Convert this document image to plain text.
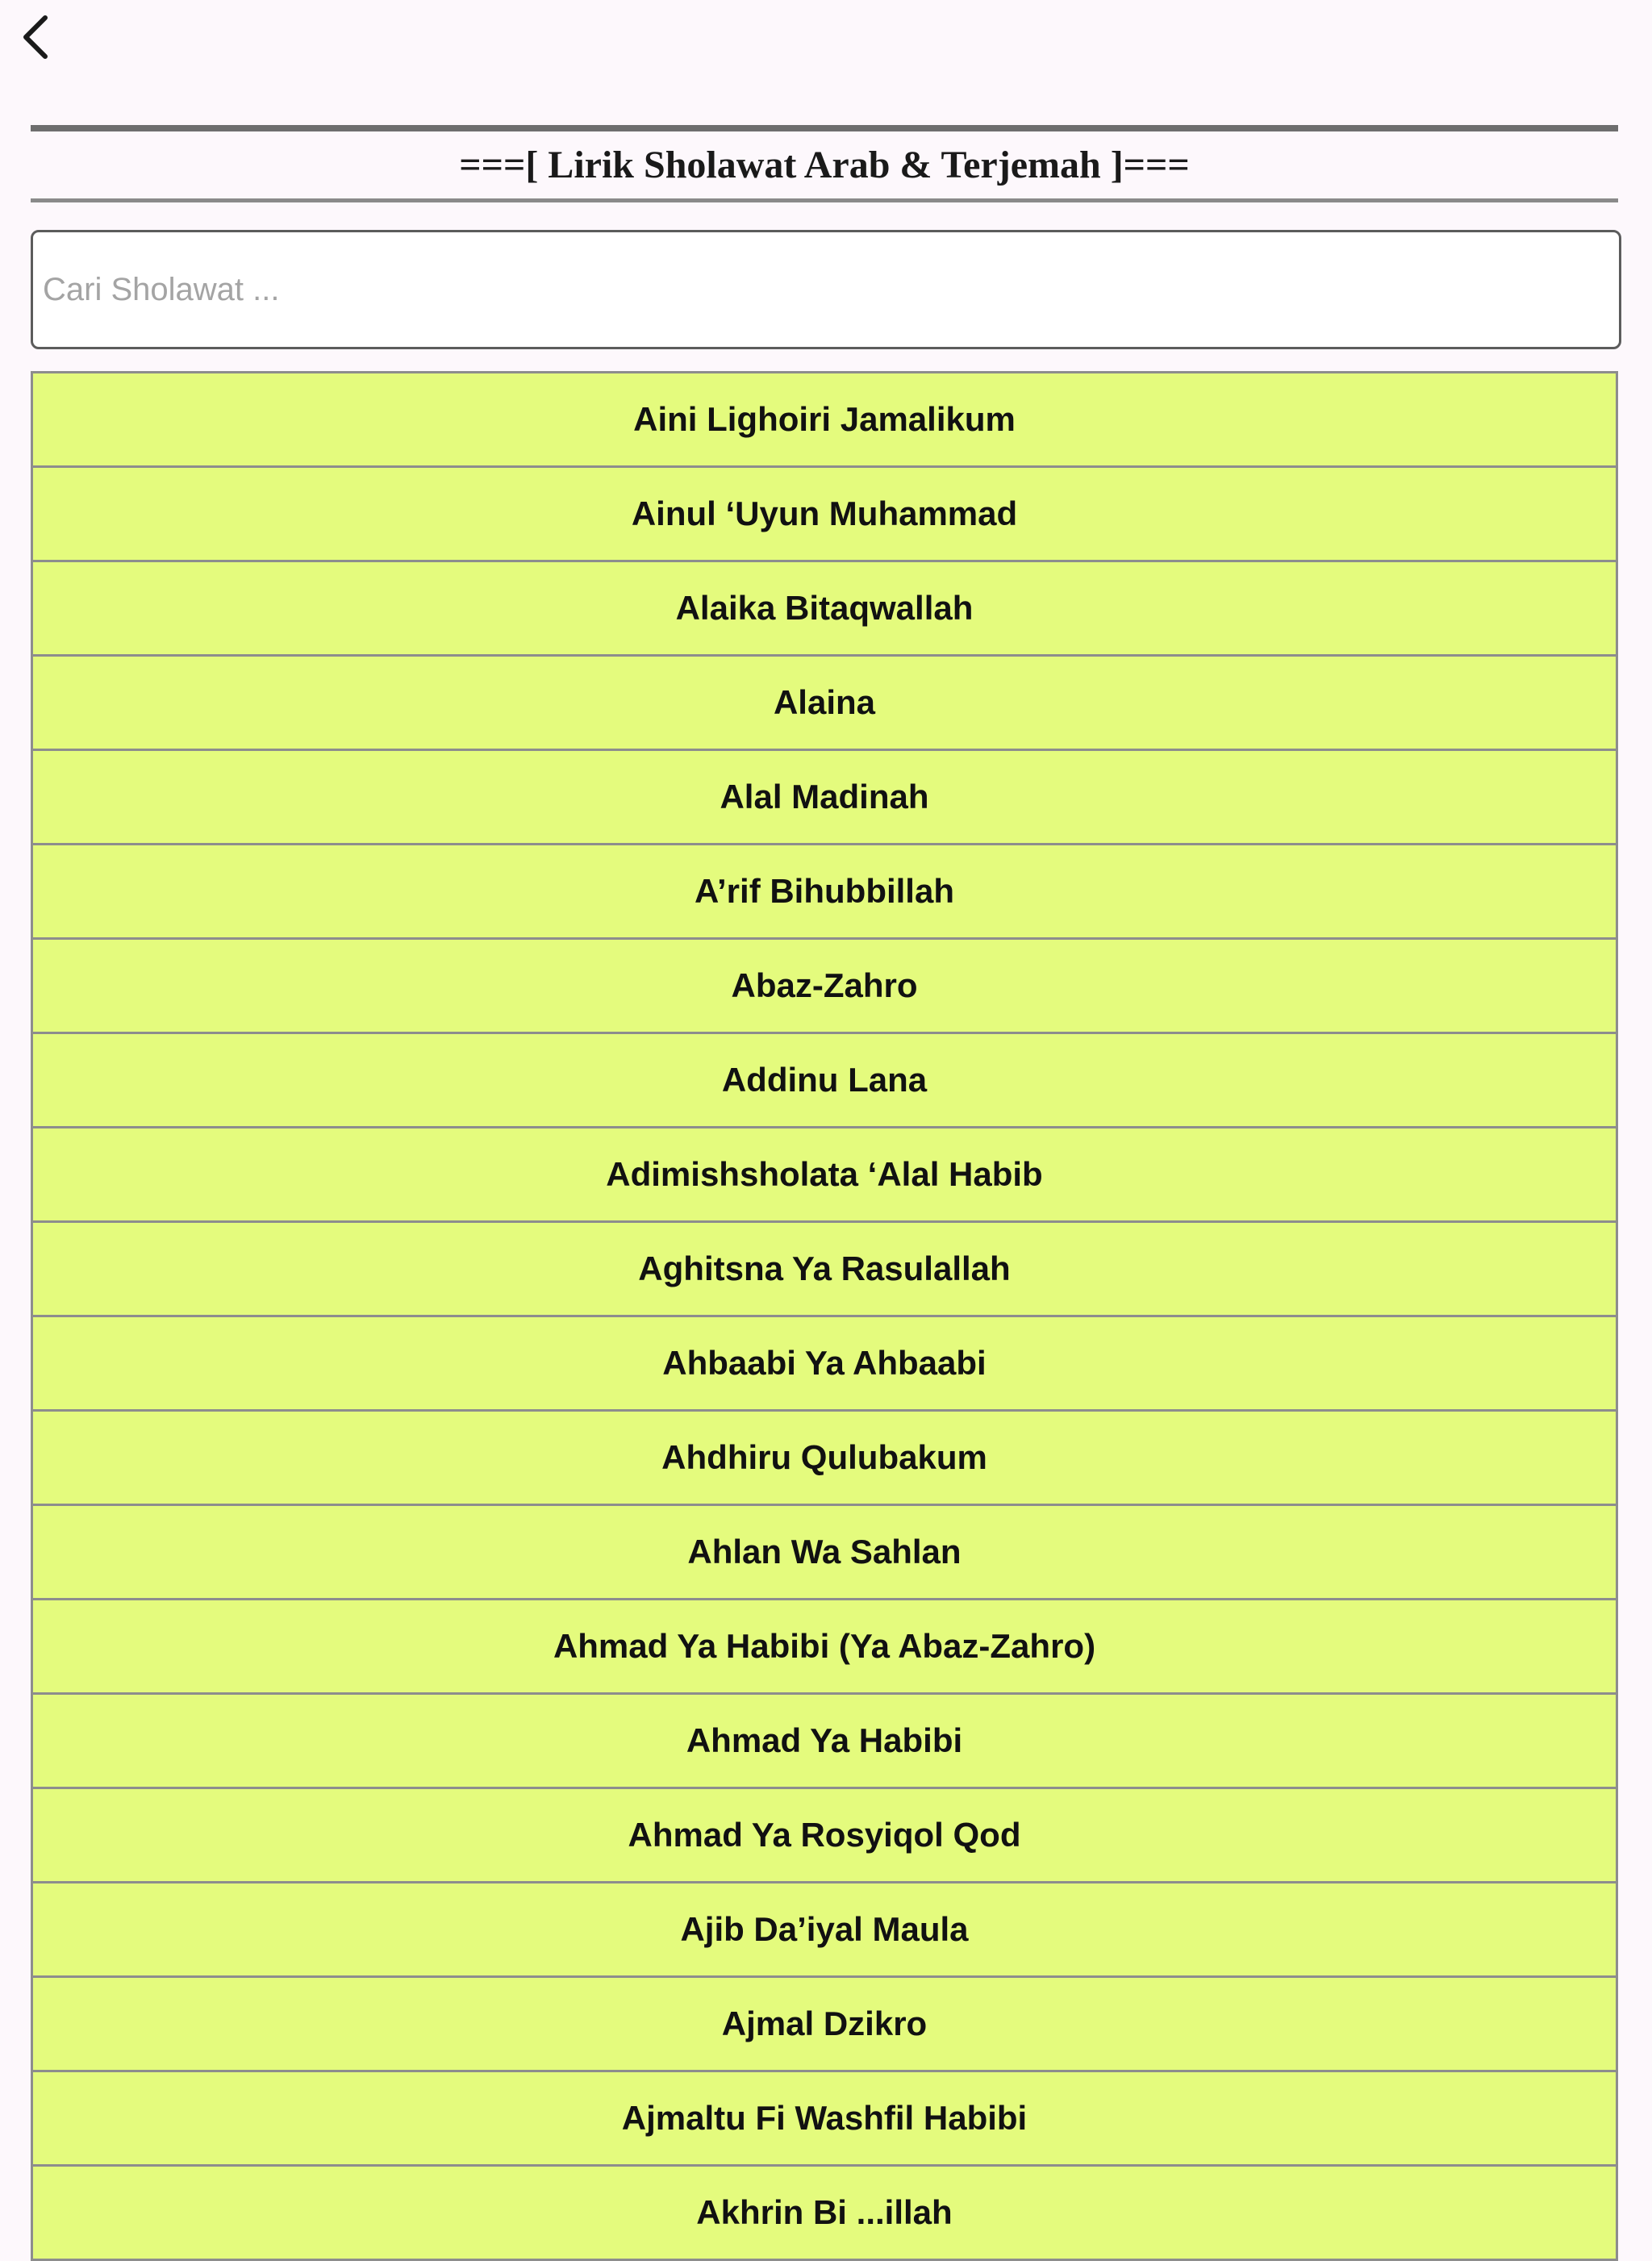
===[ Lirik Sholawat Arab & Terjemah ]===
Cari Sholawat ...
Aini Lighoiri Jamalikum
Ainul ‘Uyun Muhammad
Alaika Bitaqwallah
Alaina
Alal Madinah
A’rif Bihubbillah
Abaz-Zahro
Addinu Lana
Adimishsholata ‘Alal Habib
Aghitsna Ya Rasulallah
Ahbaabi Ya Ahbaabi
Ahdhiru Qulubakum
Ahlan Wa Sahlan
Ahmad Ya Habibi (Ya Abaz-Zahro)
Ahmad Ya Habibi
Ahmad Ya Rosyiqol Qod
Ajib Da’iyal Maula
Ajmal Dzikro
Ajmaltu Fi Washfil Habibi
Akhrin Bi ...illah
